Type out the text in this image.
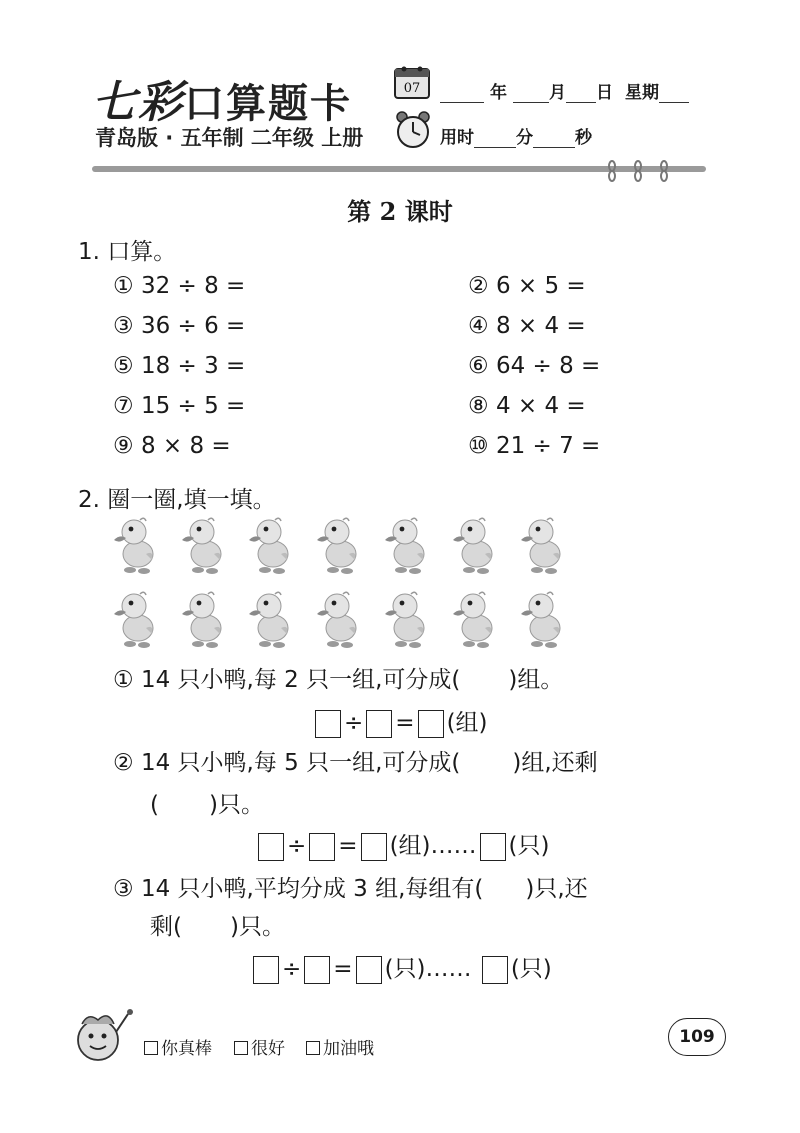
七彩口算题卡
青岛版 · 五年制 二年级 上册
07	年 月 日 星期
用时 分 秒
第 2 课时
1. 口算。
① 32 ÷ 8 =	② 6 × 5 =
③ 36 ÷ 6 =	④ 8 × 4 =
⑤ 18 ÷ 3 =	⑥ 64 ÷ 8 =
⑦ 15 ÷ 5 =	⑧ 4 × 4 =
⑨ 8 × 8 =	⑩ 21 ÷ 7 =
2. 圈一圈,填一填。
① 14 只小鸭,每 2 只一组,可分成( )组。
÷ = (组)
② 14 只小鸭,每 5 只一组,可分成( )组,还剩
( )只。
÷ = (组)…… (只)
③ 14 只小鸭,平均分成 3 组,每组有( )只,还
剩( )只。
÷ = (只)…… (只)
你真棒	很好	加油哦
109
